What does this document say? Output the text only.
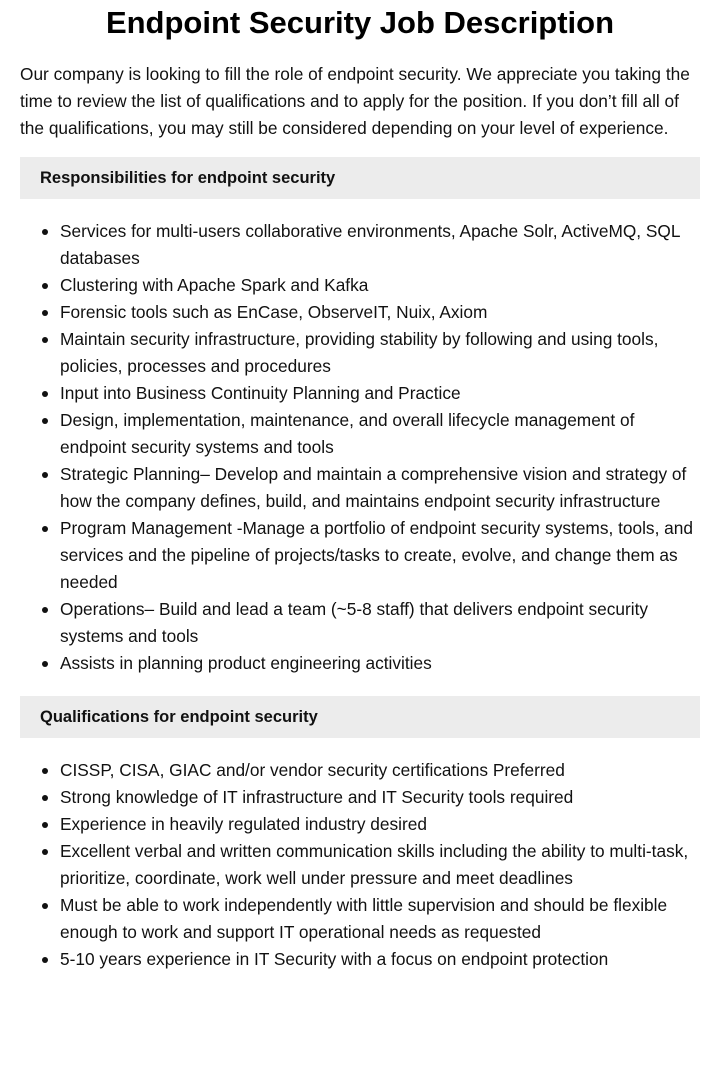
Endpoint Security Job Description

Our company is looking to fill the role of endpoint security. We appreciate you taking the time to review the list of qualifications and to apply for the position. If you don’t fill all of the qualifications, you may still be considered depending on your level of experience.

Responsibilities for endpoint security
Services for multi-users collaborative environments, Apache Solr, ActiveMQ, SQL databases
Clustering with Apache Spark and Kafka
Forensic tools such as EnCase, ObserveIT, Nuix, Axiom
Maintain security infrastructure, providing stability by following and using tools, policies, processes and procedures
Input into Business Continuity Planning and Practice
Design, implementation, maintenance, and overall lifecycle management of endpoint security systems and tools
Strategic Planning– Develop and maintain a comprehensive vision and strategy of how the company defines, build, and maintains endpoint security infrastructure
Program Management -Manage a portfolio of endpoint security systems, tools, and services and the pipeline of projects/tasks to create, evolve, and change them as needed
Operations– Build and lead a team (~5-8 staff) that delivers endpoint security systems and tools
Assists in planning product engineering activities
Qualifications for endpoint security
CISSP, CISA, GIAC and/or vendor security certifications Preferred
Strong knowledge of IT infrastructure and IT Security tools required
Experience in heavily regulated industry desired
Excellent verbal and written communication skills including the ability to multi-task, prioritize, coordinate, work well under pressure and meet deadlines
Must be able to work independently with little supervision and should be flexible enough to work and support IT operational needs as requested
5-10 years experience in IT Security with a focus on endpoint protection
